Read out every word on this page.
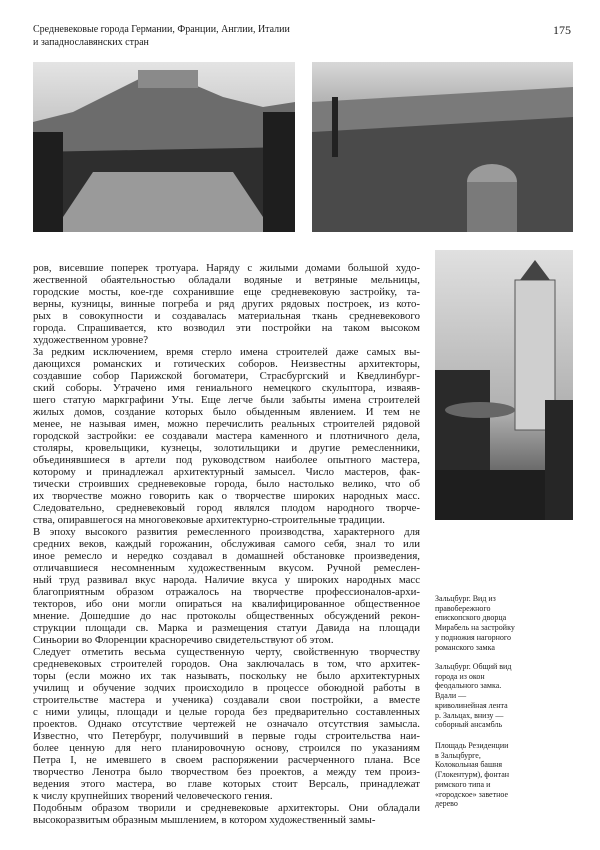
Средневековые города Германии, Франции, Англии, Италии
и западнославянских стран
175
ров, висевшие поперек тротуара. Наряду с жилыми домами большой худо-
жественной обаятельностью обладали водяные и ветряные мельницы,
городские мосты, кое-где сохранившие еще средневековую застройку, та-
верны, кузницы, винные погреба и ряд других рядовых построек, из кото-
рых в совокупности и создавалась материальная ткань средневекового
города. Спрашивается, кто возводил эти постройки на таком высоком
художественном уровне?
За редким исключением, время стерло имена строителей даже самых вы-
дающихся романских и готических соборов. Неизвестны архитекторы,
создавшие собор Парижской богоматери, Страсбургский и Кведлинбург-
ский соборы. Утрачено имя гениального немецкого скульптора, изваяв-
шего статую маркграфини Уты. Еще легче были забыты имена строителей
жилых домов, создание которых было обыденным явлением. И тем не
менее, не называя имен, можно перечислить реальных строителей рядовой
городской застройки: ее создавали мастера каменного и плотничного дела,
столяры, кровельщики, кузнецы, золотильщики и другие ремесленники,
объединявшиеся в артели под руководством наиболее опытного мастера,
которому и принадлежал архитектурный замысел. Число мастеров, фак-
тически строивших средневековые города, было настолько велико, что об
их творчестве можно говорить как о творчестве широких народных масс.
Следовательно, средневековый город являлся плодом народного творче-
ства, опиравшегося на многовековые архитектурно-строительные традиции.
В эпоху высокого развития ремесленного производства, характерного для
средних веков, каждый горожанин, обслуживая самого себя, знал то или
иное ремесло и нередко создавал в домашней обстановке произведения,
отличавшиеся несомненным художественным вкусом. Ручной ремеслен-
ный труд развивал вкус народа. Наличие вкуса у широких народных масс
благоприятным образом отражалось на творчестве профессионалов-архи-
текторов, ибо они могли опираться на квалифицированное общественное
мнение. Дошедшие до нас протоколы общественных обсуждений рекон-
струкции площади св. Марка и размещения статуи Давида на площади
Синьории во Флоренции красноречиво свидетельствуют об этом.
Следует отметить весьма существенную черту, свойственную творчеству
средневековых строителей городов. Она заключалась в том, что архитек-
торы (если можно их так называть, поскольку не было архитектурных
училищ и обучение зодчих происходило в процессе обоюдной работы в
строительстве мастера и ученика) создавали свои постройки, а вместе
с ними улицы, площади и целые города без предварительно составленных
проектов. Однако отсутствие чертежей не означало отсутствия замысла.
Известно, что Петербург, получивший в первые годы строительства наи-
более ценную для него планировочную основу, строился по указаниям
Петра I, не имевшего в своем распоряжении расчерченного плана. Все
творчество Ленотра было творчеством без проектов, а между тем произ-
ведения этого мастера, во главе которых стоит Версаль, принадлежат
к числу крупнейших творений человеческого гения.
Подобным образом творили и средневековые архитекторы. Они обладали
высокоразвитым образным мышлением, в котором художественный замы-
Зальцбург. Вид из
правобережного
епископского дворца
Мирабель на застройку
у подножия нагорного
романского замка
Зальцбург. Общий вид
города из окон
феодального замка.
Вдали —
криволинейная лента
р. Зальцах, внизу —
соборный ансамбль
Площадь Резиденции
в Зальцбурге,
Колокольная башня
(Глокентурм), фонтан
римского типа и
«городское» заветное
дерево
